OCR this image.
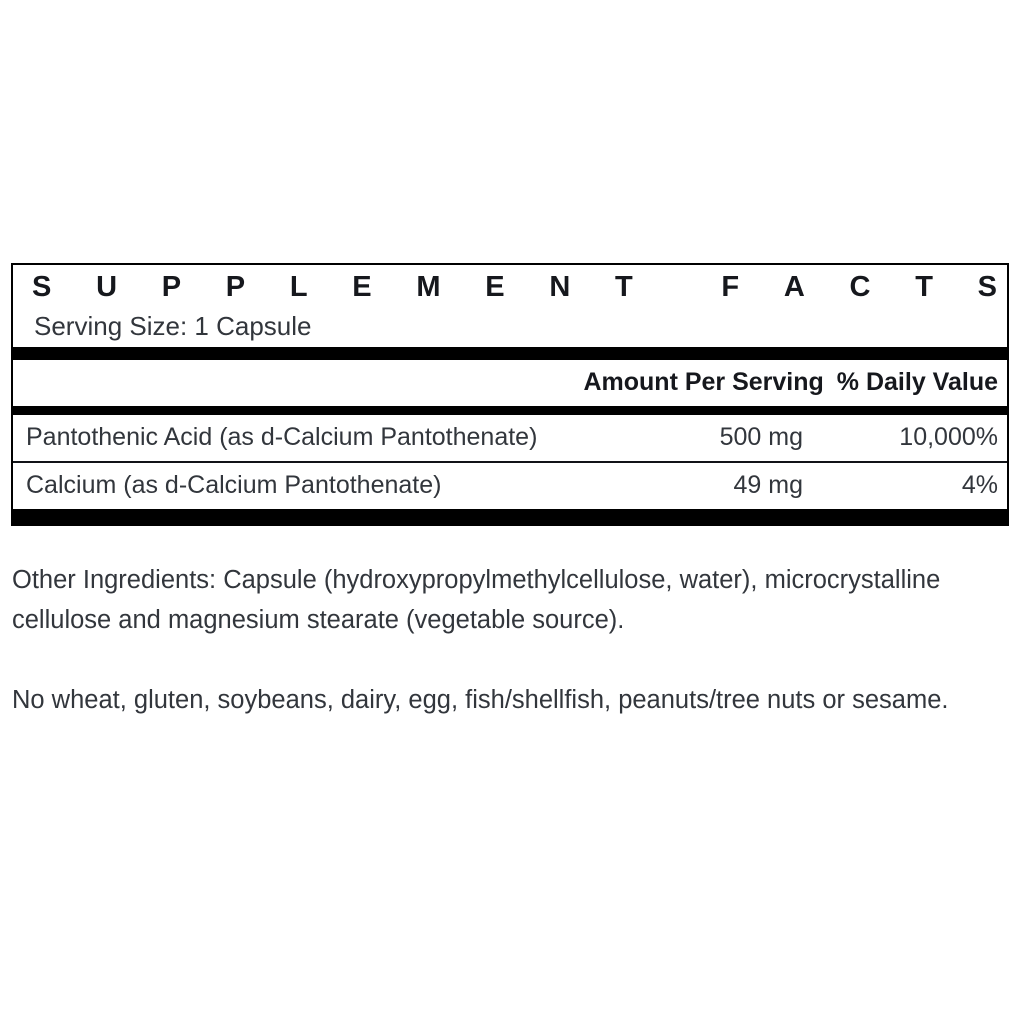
S U P P L E M E N T	F A C T S
Serving Size: 1 Capsule
Amount Per Serving % Daily Value
Pantothenic Acid (as d-Calcium Pantothenate)	500 mg	10,000%
Calcium (as d-Calcium Pantothenate)	49 mg	4%

Other Ingredients: Capsule (hydroxypropylmethylcellulose, water), microcrystalline cellulose and magnesium stearate (vegetable source).

No wheat, gluten, soybeans, dairy, egg, fish/shellfish, peanuts/tree nuts or sesame.
